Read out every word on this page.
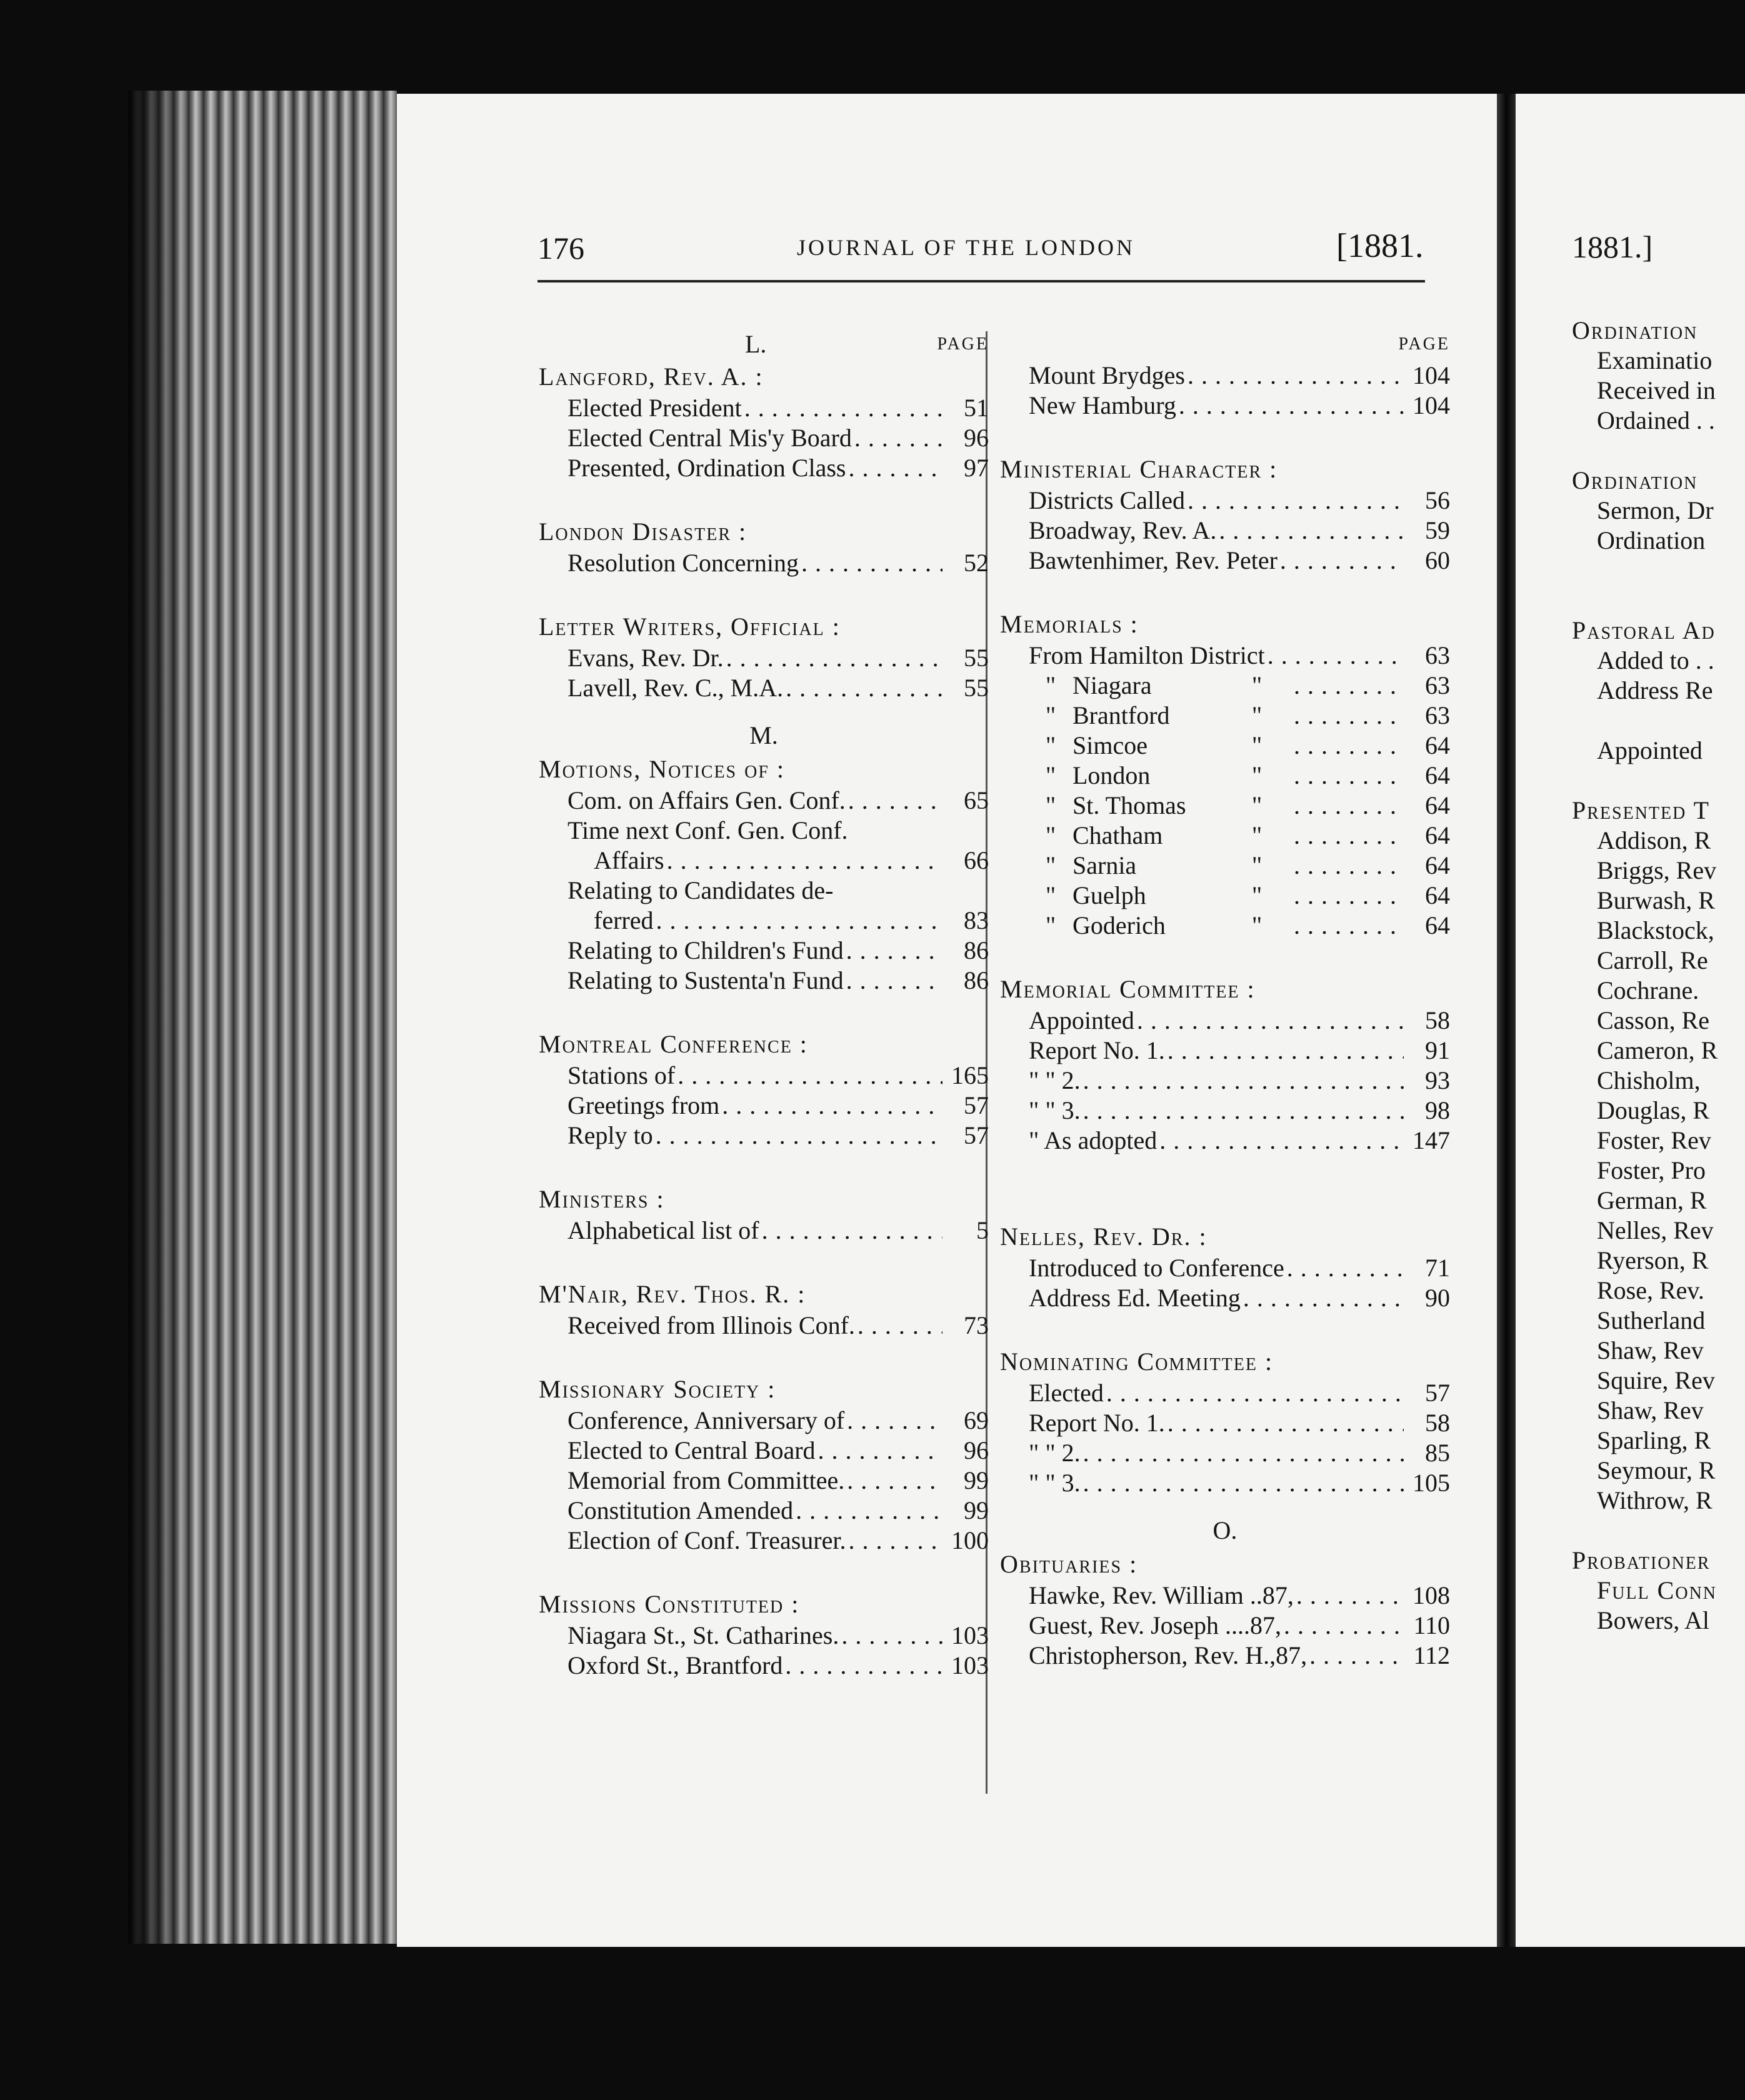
1881.]
Ordination
Examinatio
Received in
Ordained . .
Ordination
Sermon, Dr
Ordination
Pastoral Ad
Added to . .
Address Re
Appointed
Presented T
Addison, R
Briggs, Rev
Burwash, R
Blackstock,
Carroll, Re
Cochrane.
Casson, Re
Cameron, R
Chisholm,
Douglas, R
Foster, Rev
Foster, Pro
German, R
Nelles, Rev
Ryerson, R
Rose, Rev.
Sutherland
Shaw, Rev
Squire, Rev
Shaw, Rev
Sparling, R
Seymour, R
Withrow, R
Probationer
Full Conn
Bowers, Al
176	JOURNAL OF THE LONDON	[1881.
L.	PAGE
Langford, Rev. A. :
Elected President . . .	51
Elected Central Mis'y Board . . .	96
Presented, Ordination Class . . .	97
London Disaster :
Resolution Concerning . . .	52
Letter Writers, Official :
Evans, Rev. Dr. . . .	55
Lavell, Rev. C., M.A. . . .	55
M.
Motions, Notices of :
Com. on Affairs Gen. Conf. . . .	65
Time next Conf. Gen. Conf.
Affairs . . .	66
Relating to Candidates de-
ferred . . .	83
Relating to Children's Fund . . .	86
Relating to Sustenta'n Fund . . .	86
Montreal Conference :
Stations of . . .	165
Greetings from . . .	57
Reply to . . .	57
Ministers :
Alphabetical list of . . .	5
M'Nair, Rev. Thos. R. :
Received from Illinois Conf. . . .	73
Missionary Society :
Conference, Anniversary of . . .	69
Elected to Central Board . . .	96
Memorial from Committee. . . .	99
Constitution Amended . . .	99
Election of Conf. Treasurer. . . .	100
Missions Constituted :
Niagara St., St. Catharines. . . .	103
Oxford St., Brantford . . .	103
PAGE
Mount Brydges . . .	104
New Hamburg . . .	104
Ministerial Character :
Districts Called . . .	56
Broadway, Rev. A. . . .	59
Bawtenhimer, Rev. Peter . . .	60
Memorials :
From Hamilton District . . .	63
" Niagara	" . . .	63
" Brantford	" . . .	63
" Simcoe	" . . .	64
" London	" . . .	64
" St. Thomas	" . . .	64
" Chatham	" . . .	64
" Sarnia	" . . .	64
" Guelph	" . . .	64
" Goderich	" . . .	64
Memorial Committee :
Appointed . . .	58
Report No. 1. . . .	91
" " 2. . . .	93
" " 3. . . .	98
" As adopted . . .	147
Nelles, Rev. Dr. :
Introduced to Conference . . .	71
Address Ed. Meeting . . .	90
Nominating Committee :
Elected . . .	57
Report No. 1. . . .	58
" " 2. . . .	85
" " 3. . . .	105
O.
Obituaries :
Hawke, Rev. William ..87, . . .	108
Guest, Rev. Joseph ....87, . . .	110
Christopherson, Rev. H.,87, . . .	112
